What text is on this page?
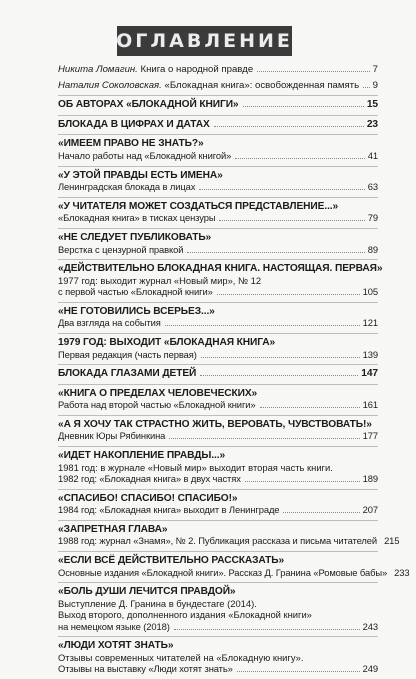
ОГЛАВЛЕНИЕ
Никита Ломагин. Книга о народной правде	7
Наталия Соколовская. «Блокадная книга»: освобожденная память 9
ОБ АВТОРАХ «БЛОКАДНОЙ КНИГИ»	15
БЛОКАДА В ЦИФРАХ И ДАТАХ	23
«ИМЕЕМ ПРАВО НЕ ЗНАТЬ?»
Начало работы над «Блокадной книгой»	41
«У ЭТОЙ ПРАВДЫ ЕСТЬ ИМЕНА»
Ленинградская блокада в лицах	63
«У ЧИТАТЕЛЯ МОЖЕТ СОЗДАТЬСЯ ПРЕДСТАВЛЕНИЕ...»
«Блокадная книга» в тисках цензуры	79
«НЕ СЛЕДУЕТ ПУБЛИКОВАТЬ»
Верстка с цензурной правкой	89
«ДЕЙСТВИТЕЛЬНО БЛОКАДНАЯ КНИГА. НАСТОЯЩАЯ. ПЕРВАЯ»
1977 год: выходит журнал «Новый мир», № 12
с первой частью «Блокадной книги»	105
«НЕ ГОТОВИЛИСЬ ВСЕРЬЕЗ...»
Два взгляда на события	121
1979 ГОД: ВЫХОДИТ «БЛОКАДНАЯ КНИГА»
Первая редакция (часть первая)	139
БЛОКАДА ГЛАЗАМИ ДЕТЕЙ	147
«КНИГА О ПРЕДЕЛАХ ЧЕЛОВЕЧЕСКИХ»
Работа над второй частью «Блокадной книги»	161
«А Я ХОЧУ ТАК СТРАСТНО ЖИТЬ, ВЕРОВАТЬ, ЧУВСТВОВАТЬ!»
Дневник Юры Рябинкина	177
«ИДЕТ НАКОПЛЕНИЕ ПРАВДЫ...»
1981 год: в журнале «Новый мир» выходит вторая часть книги.
1982 год: «Блокадная книга» в двух частях	189
«СПАСИБО! СПАСИБО! СПАСИБО!»
1984 год: «Блокадная книга» выходит в Ленинграде	207
«ЗАПРЕТНАЯ ГЛАВА»
1988 год: журнал «Знамя», № 2. Публикация рассказа и письма читателей 215
«ЕСЛИ ВСЁ ДЕЙСТВИТЕЛЬНО РАССКАЗАТЬ»
Основные издания «Блокадной книги». Рассказ Д. Гранина «Ромовые бабы» 233
«БОЛЬ ДУШИ ЛЕЧИТСЯ ПРАВДОЙ»
Выступление Д. Гранина в бундестаге (2014).
Выход второго, дополненного издания «Блокадной книги»
на немецком языке (2018)	243
«ЛЮДИ ХОТЯТ ЗНАТЬ»
Отзывы современных читателей на «Блокадную книгу».
Отзывы на выставку «Люди хотят знать»	249
